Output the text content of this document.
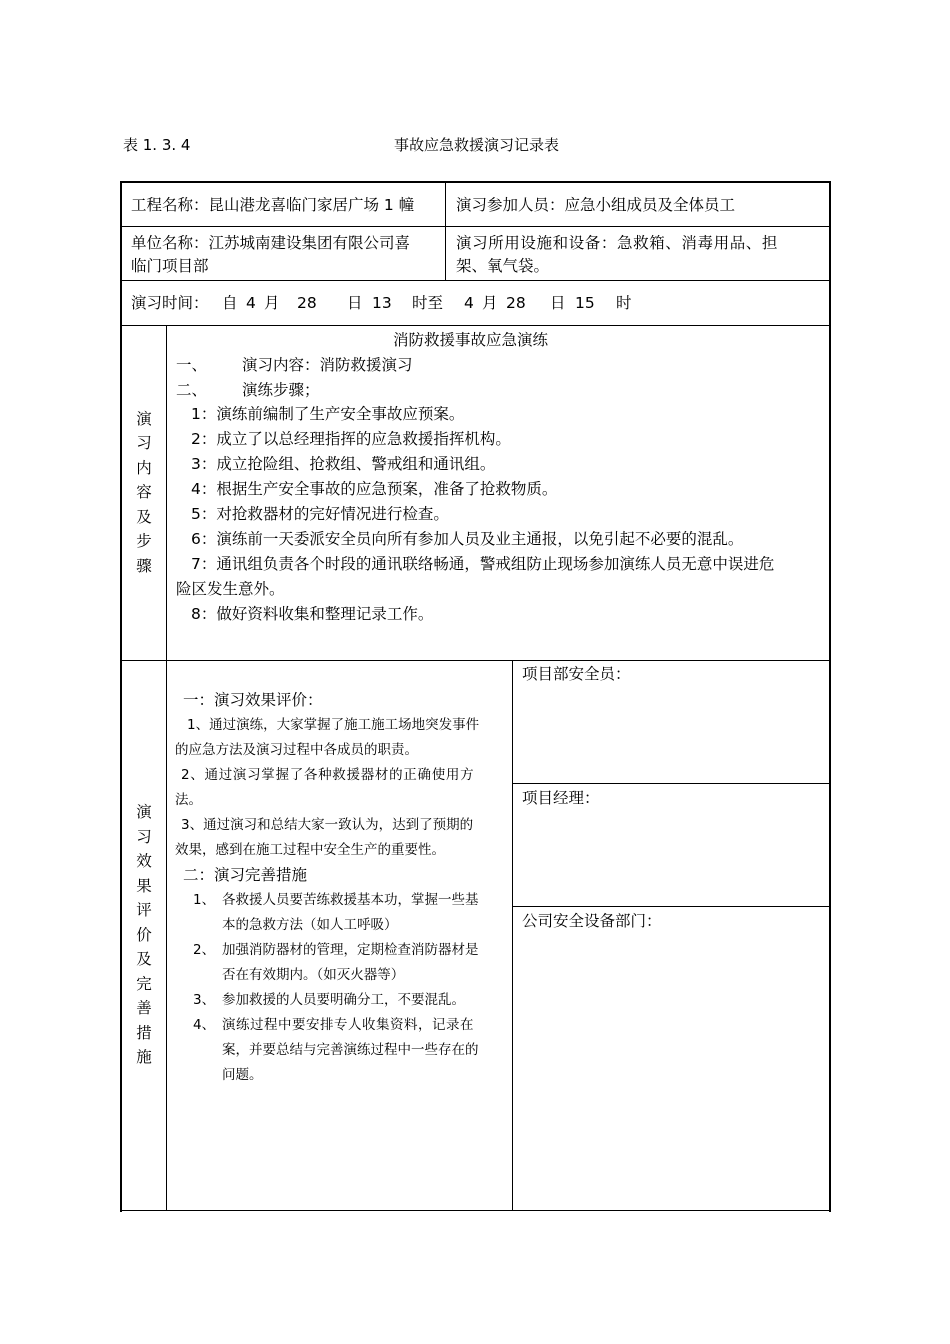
表 1. 3. 4	事故应急救援演习记录表
工程名称：昆山港龙喜临门家居广场 1 幢	演习参加人员：应急小组成员及全体员工
单位名称：江苏城南建设集团有限公司喜
临门项目部
演习所用设施和设备：急救箱、消毒用品、担
架、氧气袋。
演习时间： 自 4 月 28 日 13 时至 4 月 28 日 15 时
演
习
内
容
及
步
骤
消防救援事故应急演练
一、 演习内容：消防救援演习
二、 演练步骤；
1：演练前编制了生产安全事故应预案。
2：成立了以总经理指挥的应急救援指挥机构。
3：成立抢险组、抢救组、警戒组和通讯组。
4：根据生产安全事故的应急预案，准备了抢救物质。
5：对抢救器材的完好情况进行检查。
6：演练前一天委派安全员向所有参加人员及业主通报，以免引起不必要的混乱。
7：通讯组负责各个时段的通讯联络畅通，警戒组防止现场参加演练人员无意中误进危
险区发生意外。
8：做好资料收集和整理记录工作。
演
习
效
果
评
价
及
完
善
措
施
一：演习效果评价：
1、通过演练，大家掌握了施工施工场地突发事件
的应急方法及演习过程中各成员的职责。
2、通过演习掌握了各种救援器材的正确使用方
法。
3、通过演习和总结大家一致认为，达到了预期的
效果，感到在施工过程中安全生产的重要性。
二：演习完善措施
1、 各救援人员要苦练救援基本功，掌握一些基
本的急救方法（如人工呼吸）
2、 加强消防器材的管理，定期检查消防器材是
否在有效期内。（如灭火器等）
3、 参加救援的人员要明确分工，不要混乱。
4、 演练过程中要安排专人收集资料，记录在
案，并要总结与完善演练过程中一些存在的
问题。
项目部安全员：
项目经理：
公司安全设备部门：
